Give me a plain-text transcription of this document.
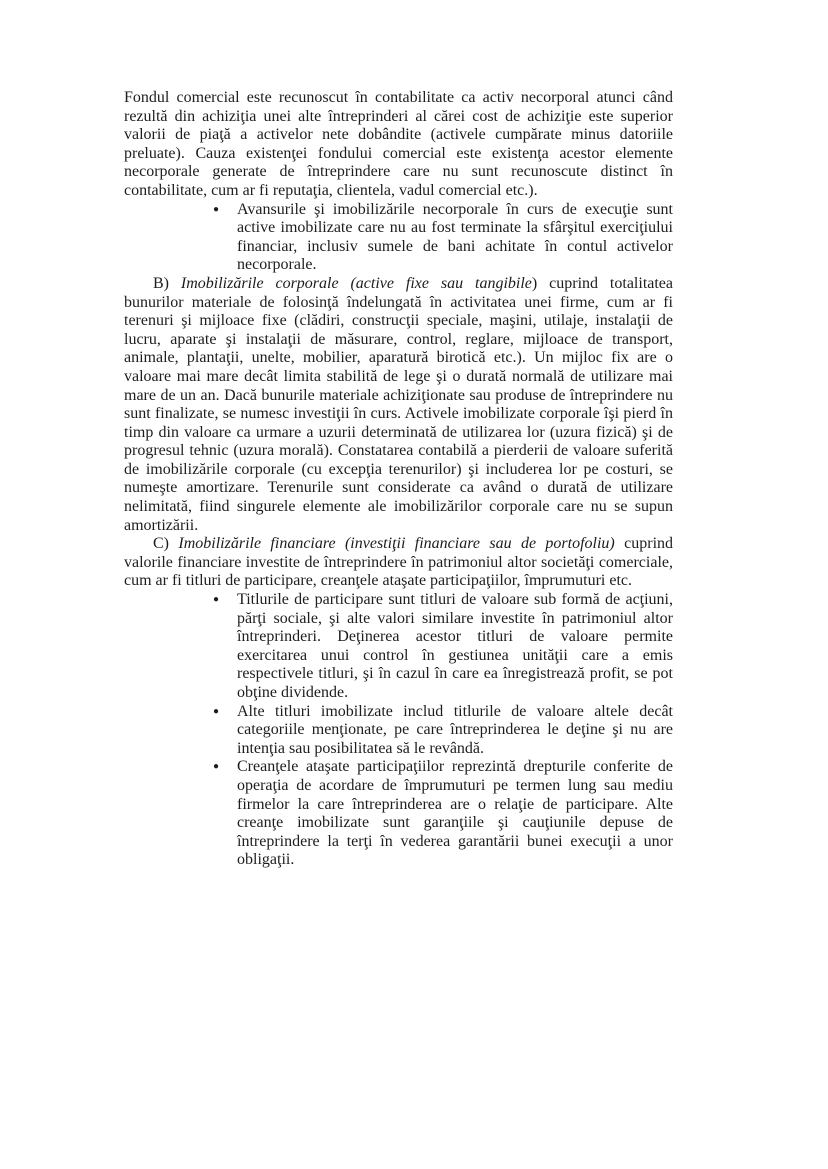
Fondul comercial este recunoscut în contabilitate ca activ necorporal atunci când rezultă din achiziţia unei alte întreprinderi al cărei cost de achiziţie este superior valorii de piaţă a activelor nete dobândite (activele cumpărate minus datoriile preluate). Cauza existenţei fondului comercial este existenţa acestor elemente necorporale generate de întreprindere care nu sunt recunoscute distinct în contabilitate, cum ar fi reputaţia, clientela, vadul comercial etc.).

● Avansurile şi imobilizările necorporale în curs de execuţie sunt active imobilizate care nu au fost terminate la sfârşitul exerciţiului financiar, inclusiv sumele de bani achitate în contul activelor necorporale.

B) Imobilizările corporale (active fixe sau tangibile) cuprind totalitatea bunurilor materiale de folosinţă îndelungată în activitatea unei firme, cum ar fi terenuri şi mijloace fixe (clădiri, construcţii speciale, maşini, utilaje, instalaţii de lucru, aparate şi instalaţii de măsurare, control, reglare, mijloace de transport, animale, plantaţii, unelte, mobilier, aparatură birotică etc.). Un mijloc fix are o valoare mai mare decât limita stabilită de lege şi o durată normală de utilizare mai mare de un an. Dacă bunurile materiale achiziţionate sau produse de întreprindere nu sunt finalizate, se numesc investiţii în curs. Activele imobilizate corporale îşi pierd în timp din valoare ca urmare a uzurii determinată de utilizarea lor (uzura fizică) şi de progresul tehnic (uzura morală). Constatarea contabilă a pierderii de valoare suferită de imobilizările corporale (cu excepţia terenurilor) şi includerea lor pe costuri, se numeşte amortizare. Terenurile sunt considerate ca având o durată de utilizare nelimitată, fiind singurele elemente ale imobilizărilor corporale care nu se supun amortizării.

C) Imobilizările financiare (investiţii financiare sau de portofoliu) cuprind valorile financiare investite de întreprindere în patrimoniul altor societăţi comerciale, cum ar fi titluri de participare, creanţele ataşate participaţiilor, împrumuturi etc.

● Titlurile de participare sunt titluri de valoare sub formă de acţiuni, părţi sociale, şi alte valori similare investite în patrimoniul altor întreprinderi. Deţinerea acestor titluri de valoare permite exercitarea unui control în gestiunea unităţii care a emis respectivele titluri, şi în cazul în care ea înregistrează profit, se pot obţine dividende.

● Alte titluri imobilizate includ titlurile de valoare altele decât categoriile menţionate, pe care întreprinderea le deţine şi nu are intenţia sau posibilitatea să le revândă.

● Creanţele ataşate participaţiilor reprezintă drepturile conferite de operaţia de acordare de împrumuturi pe termen lung sau mediu firmelor la care întreprinderea are o relaţie de participare. Alte creanţe imobilizate sunt garanţiile şi cauţiunile depuse de întreprindere la terţi în vederea garantării bunei execuţii a unor obligaţii.
